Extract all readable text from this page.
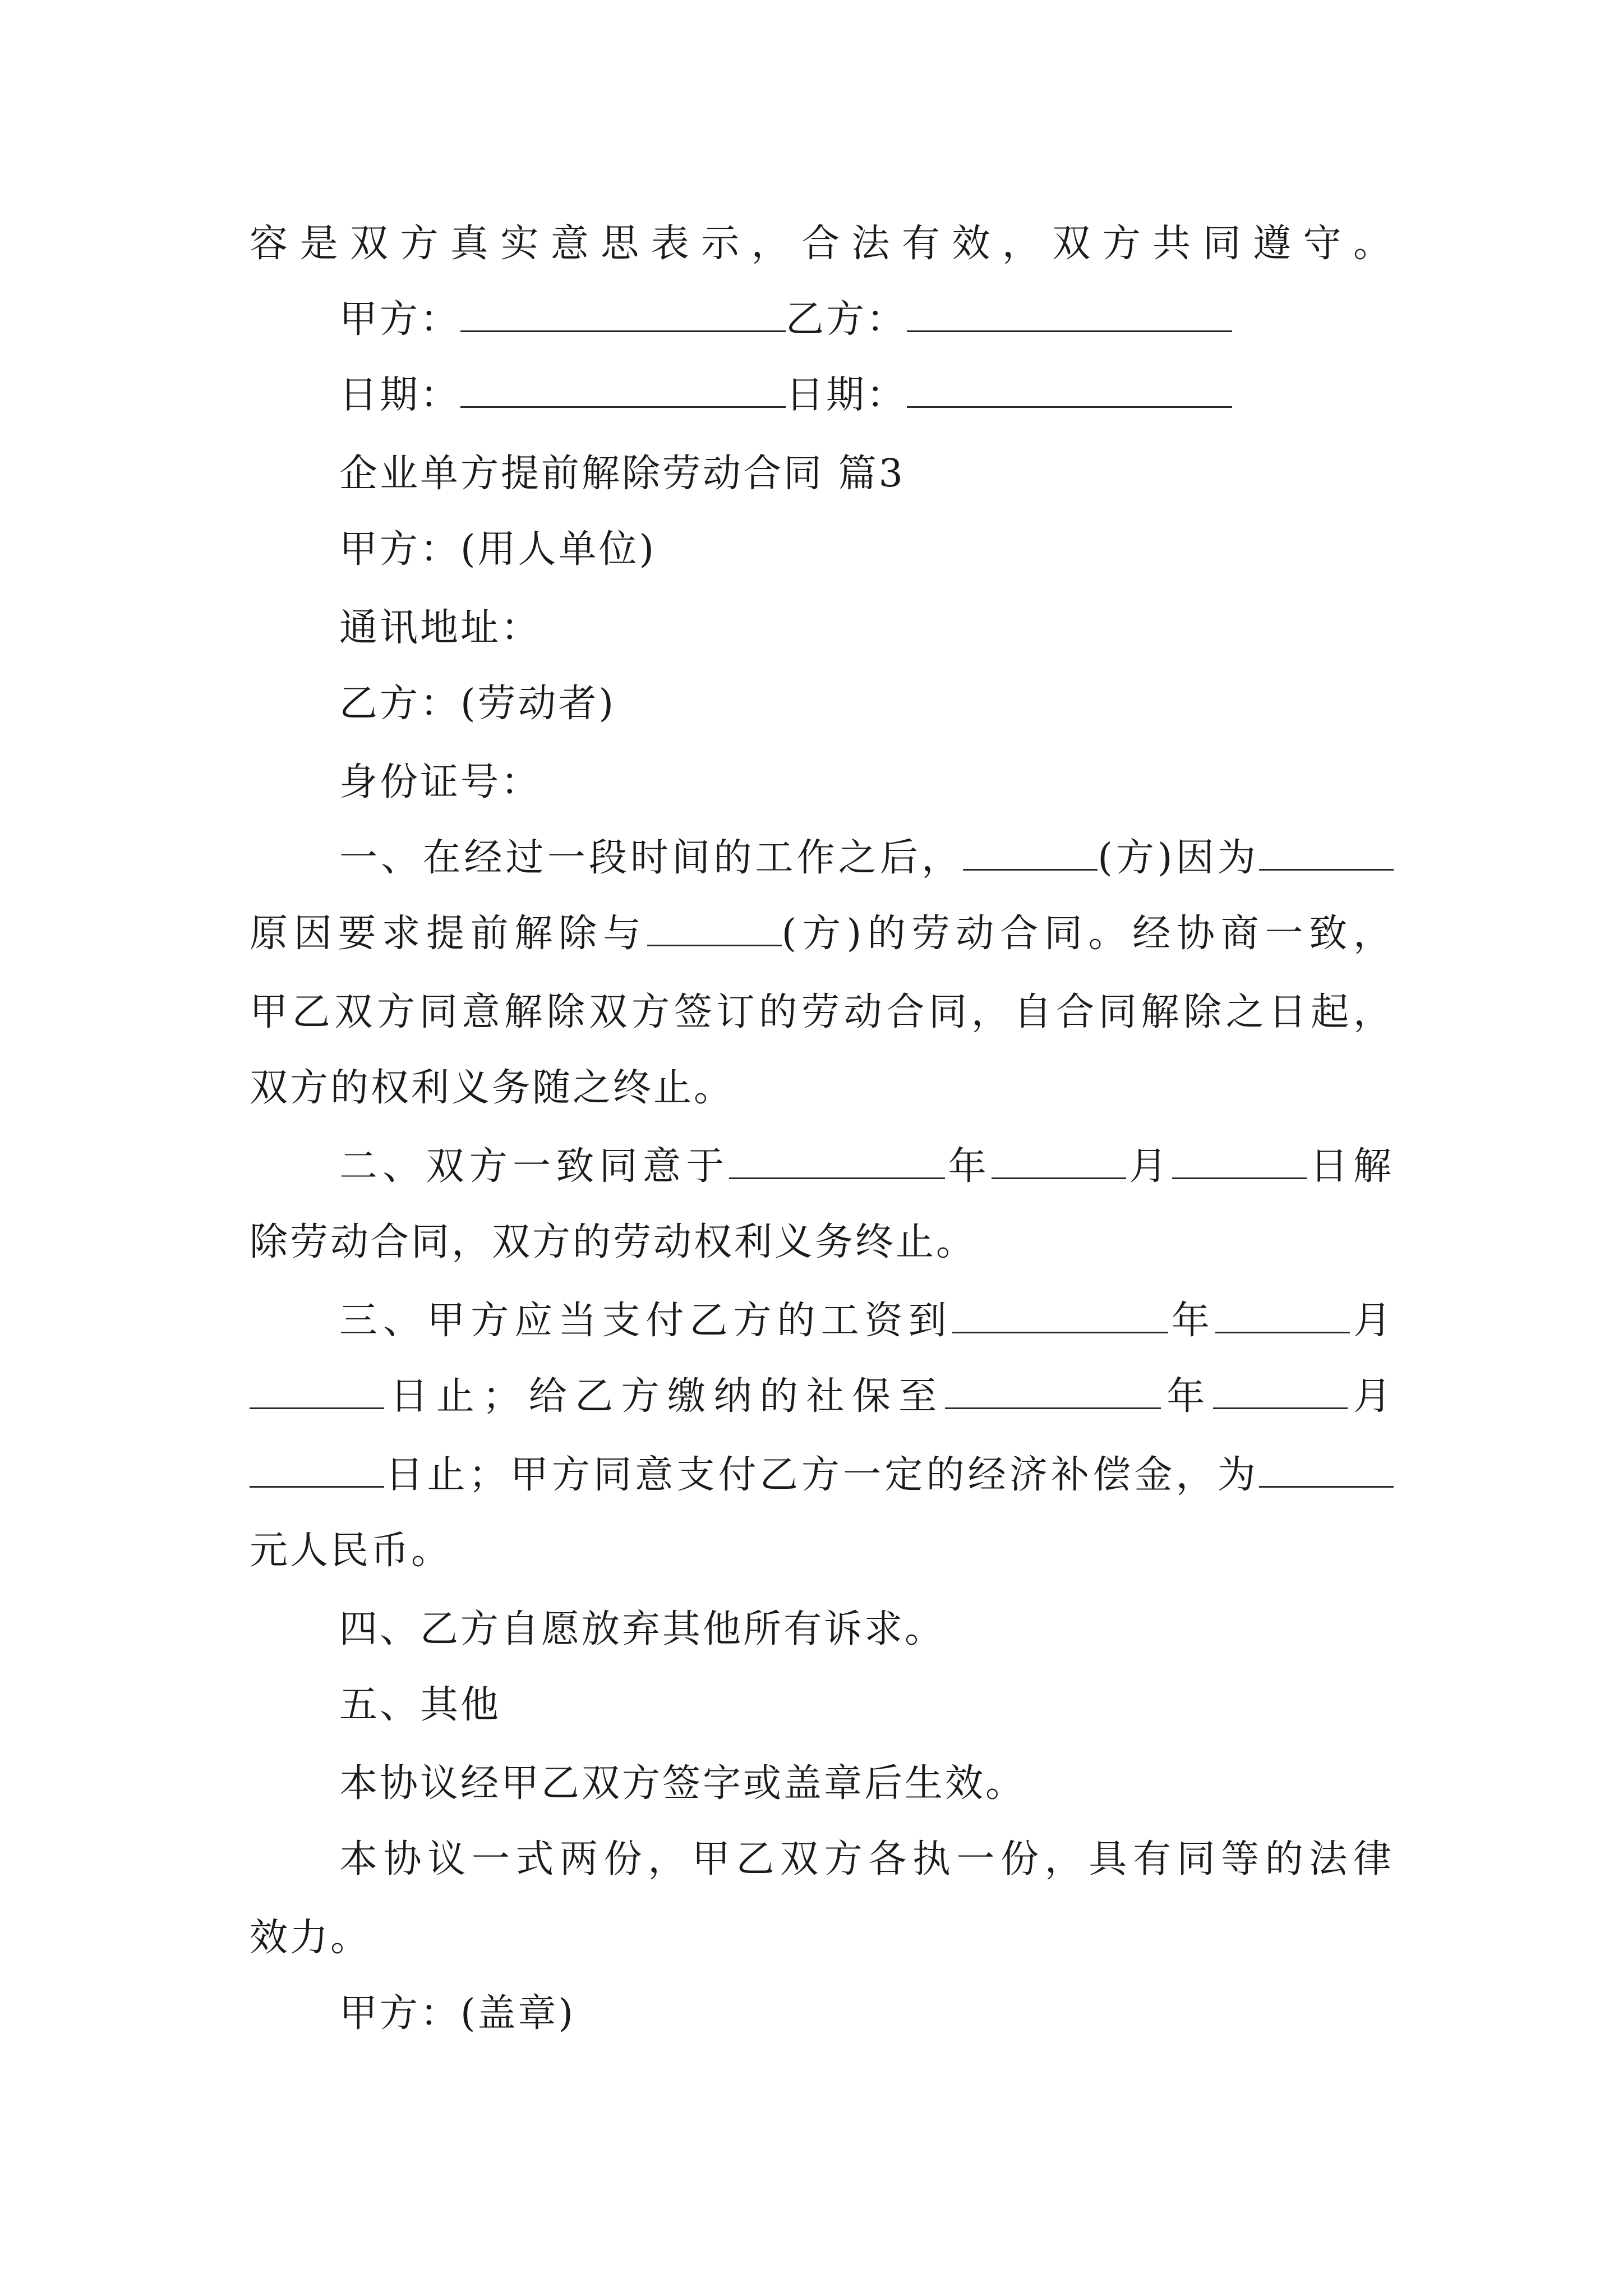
容是双方真实意思表示，合法有效，双方共同遵守。
甲方：	乙方：
日期：	日期：
企业单方提前解除劳动合同 篇3
甲方：(用人单位)
通讯地址：
乙方：(劳动者)
身份证号：
一、在经过一段时间的工作之后，	(方)因为
原因要求提前解除与	(方)的劳动合同。经协商一致，
甲乙双方同意解除双方签订的劳动合同，自合同解除之日起，
双方的权利义务随之终止。
二、双方一致同意于	年	月	日解
除劳动合同，双方的劳动权利义务终止。
三、甲方应当支付乙方的工资到	年	月
日止；给乙方缴纳的社保至	年	月
日止；甲方同意支付乙方一定的经济补偿金，为
元人民币。
四、乙方自愿放弃其他所有诉求。
五、其他
本协议经甲乙双方签字或盖章后生效。
本协议一式两份，甲乙双方各执一份，具有同等的法律
效力。
甲方：(盖章)
